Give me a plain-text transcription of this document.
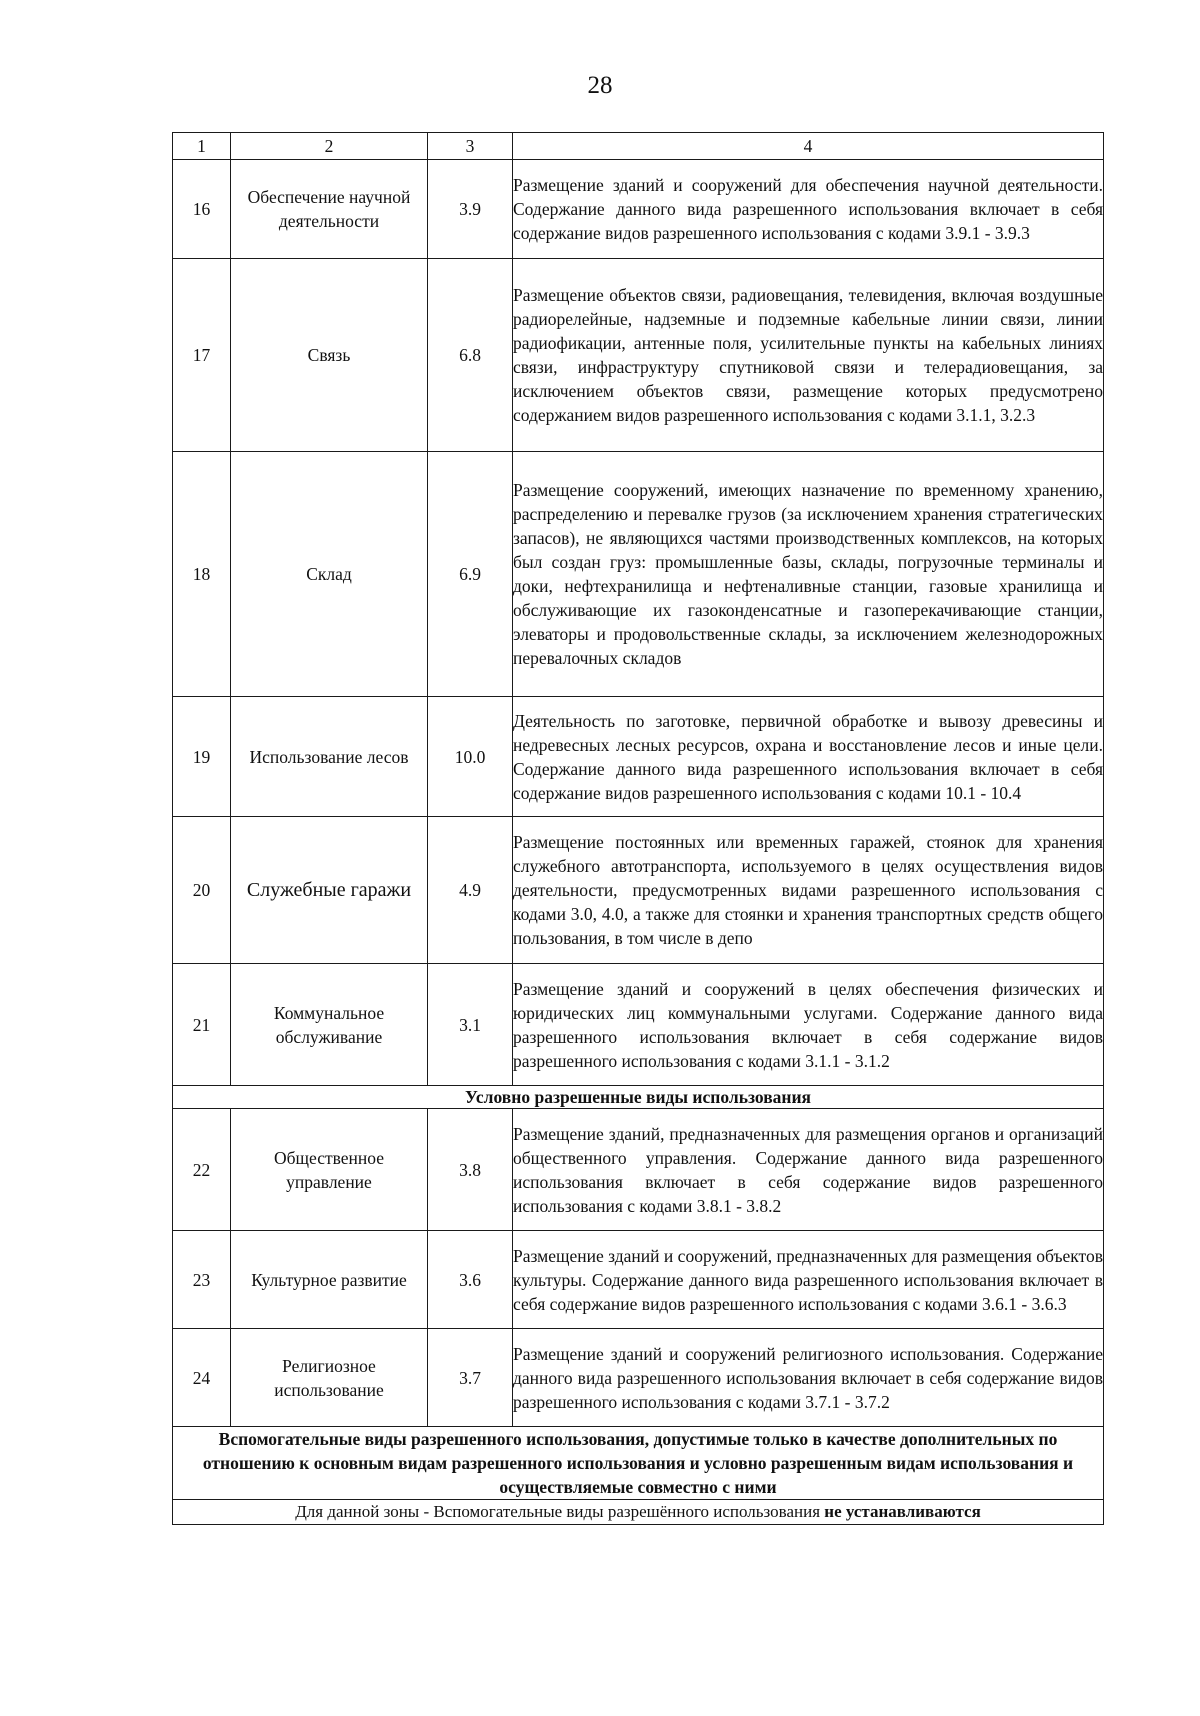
28
1	2	3	4
16	Обеспечение научной деятельности	3.9	Размещение зданий и сооружений для обеспечения научной деятельности. Содержание данного вида разрешенного использования включает в себя содержание видов разрешенного использования с кодами 3.9.1 - 3.9.3
17	Связь	6.8	Размещение объектов связи, радиовещания, телевидения, включая воздушные радиорелейные, надземные и подземные кабельные линии связи, линии радиофикации, антенные поля, усилительные пункты на кабельных линиях связи, инфраструктуру спутниковой связи и телерадиовещания, за исключением объектов связи, размещение которых предусмотрено содержанием видов разрешенного использования с кодами 3.1.1, 3.2.3
18	Склад	6.9	Размещение сооружений, имеющих назначение по временному хранению, распределению и перевалке грузов (за исключением хранения стратегических запасов), не являющихся частями производственных комплексов, на которых был создан груз: промышленные базы, склады, погрузочные терминалы и доки, нефтехранилища и нефтеналивные станции, газовые хранилища и обслуживающие их газоконденсатные и газоперекачивающие станции, элеваторы и продовольственные склады, за исключением железнодорожных перевалочных складов
19	Использование лесов	10.0	Деятельность по заготовке, первичной обработке и вывозу древесины и недревесных лесных ресурсов, охрана и восстановление лесов и иные цели. Содержание данного вида разрешенного использования включает в себя содержание видов разрешенного использования с кодами 10.1 - 10.4
20	Служебные гаражи	4.9	Размещение постоянных или временных гаражей, стоянок для хранения служебного автотранспорта, используемого в целях осуществления видов деятельности, предусмотренных видами разрешенного использования с кодами 3.0, 4.0, а также для стоянки и хранения транспортных средств общего пользования, в том числе в депо
21	Коммунальное обслуживание	3.1	Размещение зданий и сооружений в целях обеспечения физических и юридических лиц коммунальными услугами. Содержание данного вида разрешенного использования включает в себя содержание видов разрешенного использования с кодами 3.1.1 - 3.1.2
Условно разрешенные виды использования			
22	Общественное управление	3.8	Размещение зданий, предназначенных для размещения органов и организаций общественного управления. Содержание данного вида разрешенного использования включает в себя содержание видов разрешенного использования с кодами 3.8.1 - 3.8.2
23	Культурное развитие	3.6	Размещение зданий и сооружений, предназначенных для размещения объектов культуры. Содержание данного вида разрешенного использования включает в себя содержание видов разрешенного использования с кодами 3.6.1 - 3.6.3
24	Религиозное использование	3.7	Размещение зданий и сооружений религиозного использования. Содержание данного вида разрешенного использования включает в себя содержание видов разрешенного использования с кодами 3.7.1 - 3.7.2
Вспомогательные виды разрешенного использования, допустимые только в качестве дополнительных по отношению к основным видам разрешенного использования и условно разрешенным видам использования и осуществляемые совместно с ними			
Для данной зоны - Вспомогательные виды разрешённого использования не устанавливаются			
